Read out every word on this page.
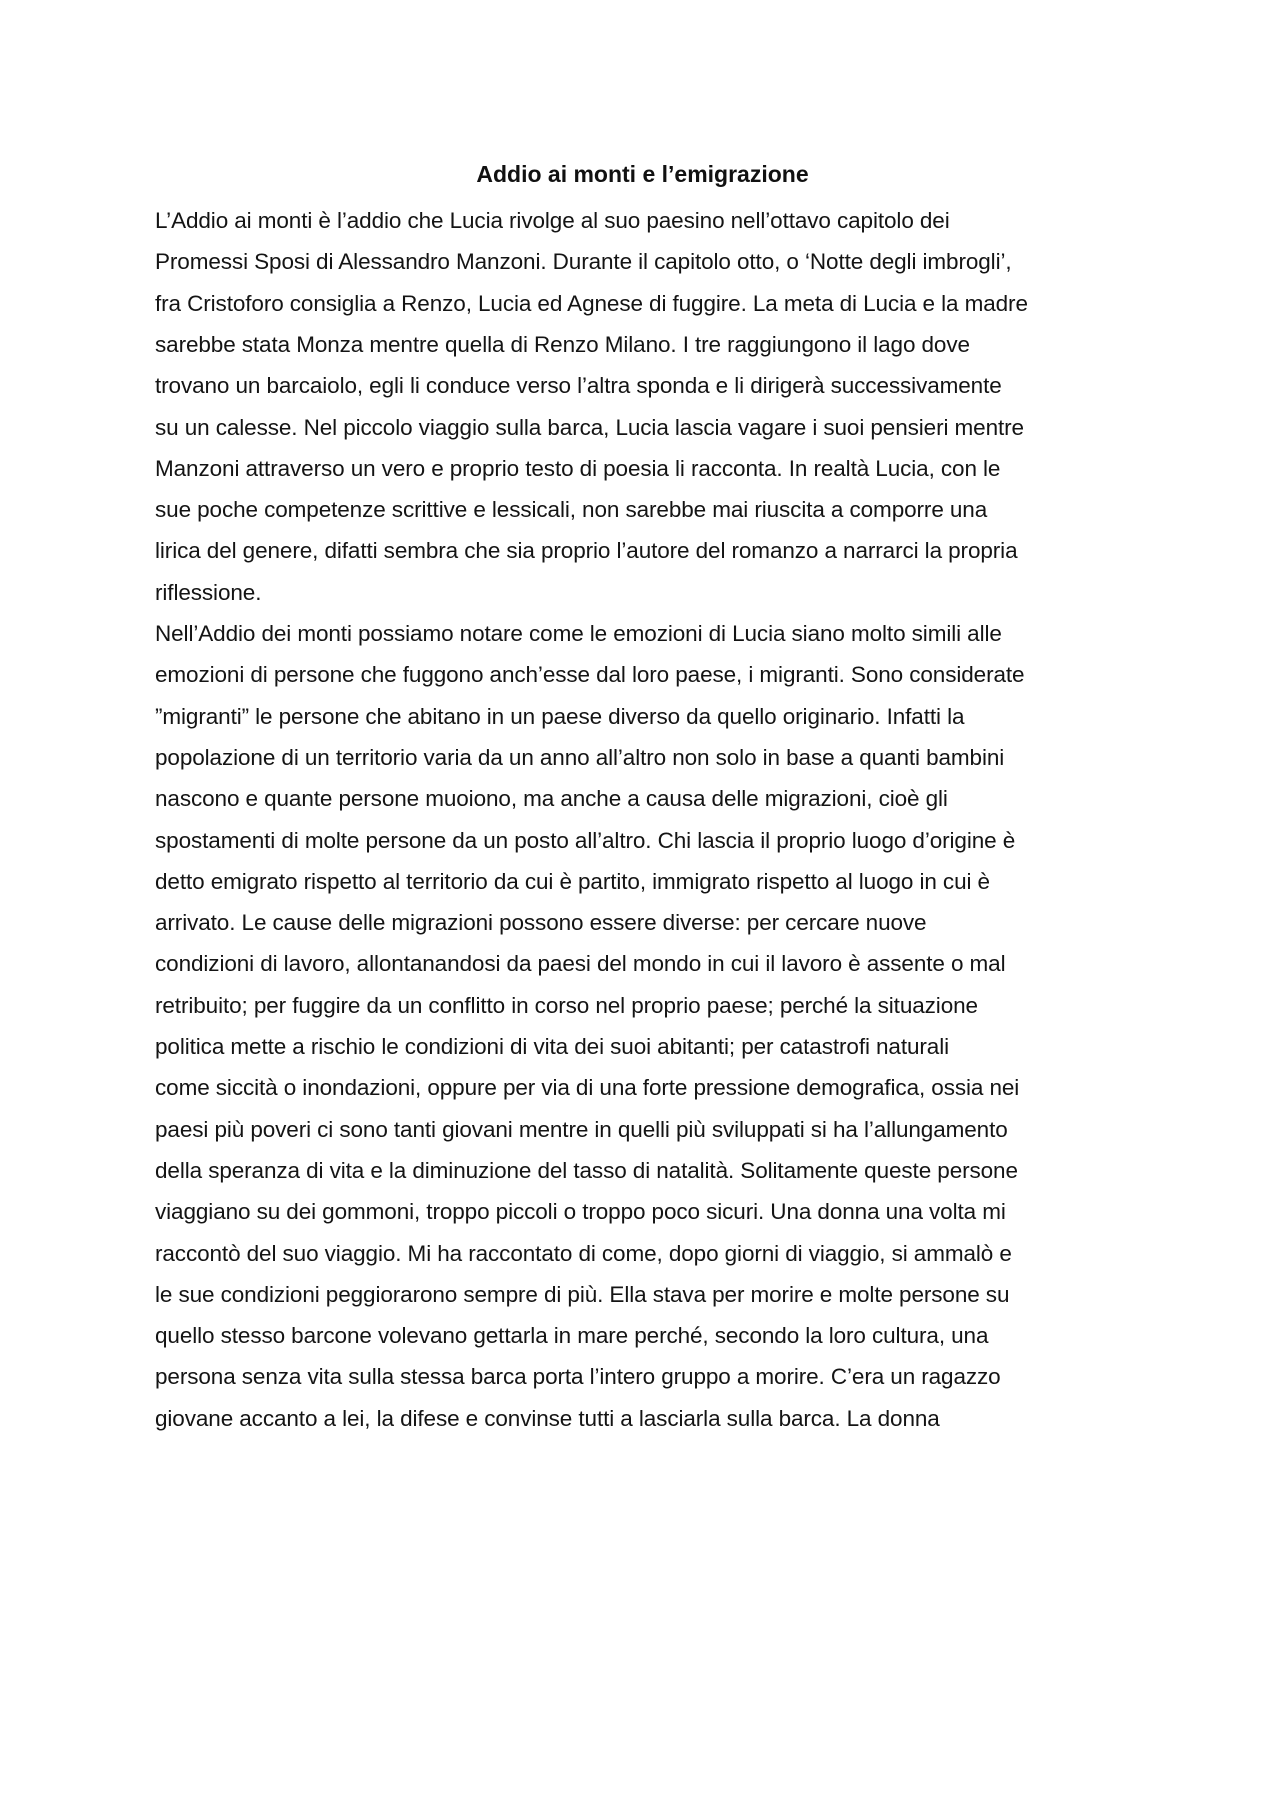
Addio ai monti e l’emigrazione
L’Addio ai monti è l’addio che Lucia rivolge al suo paesino nell’ottavo capitolo dei
Promessi Sposi di Alessandro Manzoni. Durante il capitolo otto, o ‘Notte degli imbrogli’,
fra Cristoforo consiglia a Renzo, Lucia ed Agnese di fuggire. La meta di Lucia e la madre
sarebbe stata Monza mentre quella di Renzo Milano. I tre raggiungono il lago dove
trovano un barcaiolo, egli li conduce verso l’altra sponda e li dirigerà successivamente
su un calesse. Nel piccolo viaggio sulla barca, Lucia lascia vagare i suoi pensieri mentre
Manzoni attraverso un vero e proprio testo di poesia li racconta. In realtà Lucia, con le
sue poche competenze scrittive e lessicali, non sarebbe mai riuscita a comporre una
lirica del genere, difatti sembra che sia proprio l’autore del romanzo a narrarci la propria
riflessione.
Nell’Addio dei monti possiamo notare come le emozioni di Lucia siano molto simili alle
emozioni di persone che fuggono anch’esse dal loro paese, i migranti. Sono considerate
”migranti” le persone che abitano in un paese diverso da quello originario. Infatti la
popolazione di un territorio varia da un anno all’altro non solo in base a quanti bambini
nascono e quante persone muoiono, ma anche a causa delle migrazioni, cioè gli
spostamenti di molte persone da un posto all’altro. Chi lascia il proprio luogo d’origine è
detto emigrato rispetto al territorio da cui è partito, immigrato rispetto al luogo in cui è
arrivato. Le cause delle migrazioni possono essere diverse: per cercare nuove
condizioni di lavoro, allontanandosi da paesi del mondo in cui il lavoro è assente o mal
retribuito; per fuggire da un conflitto in corso nel proprio paese; perché la situazione
politica mette a rischio le condizioni di vita dei suoi abitanti; per catastrofi naturali
come siccità o inondazioni, oppure per via di una forte pressione demografica, ossia nei
paesi più poveri ci sono tanti giovani mentre in quelli più sviluppati si ha l’allungamento
della speranza di vita e la diminuzione del tasso di natalità. Solitamente queste persone
viaggiano su dei gommoni, troppo piccoli o troppo poco sicuri. Una donna una volta mi
raccontò del suo viaggio. Mi ha raccontato di come, dopo giorni di viaggio, si ammalò e
le sue condizioni peggiorarono sempre di più. Ella stava per morire e molte persone su
quello stesso barcone volevano gettarla in mare perché, secondo la loro cultura, una
persona senza vita sulla stessa barca porta l’intero gruppo a morire. C’era un ragazzo
giovane accanto a lei, la difese e convinse tutti a lasciarla sulla barca. La donna
